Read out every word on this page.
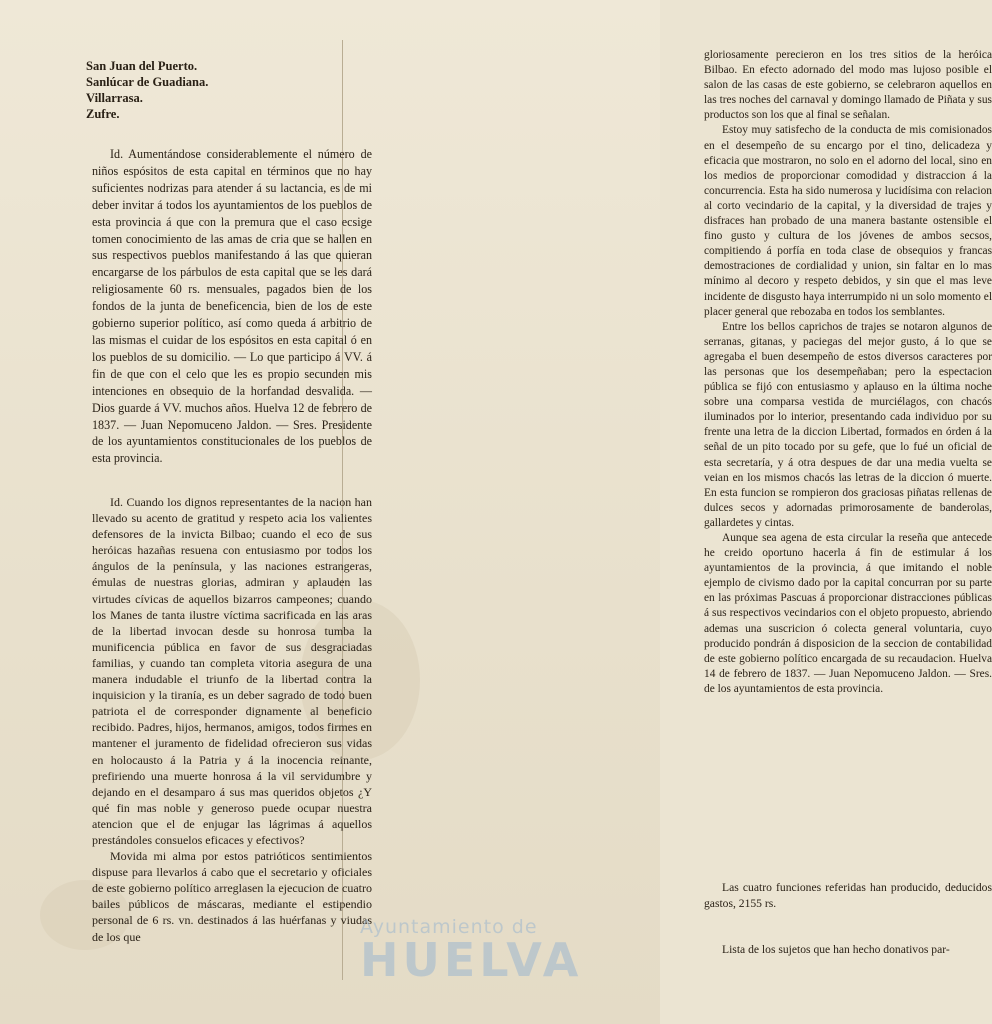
San Juan del Puerto.
Sanlúcar de Guadiana.
Villarrasa.
Zufre.

Id. Aumentándose considerablemente el número de niños espósitos de esta capital en términos que no hay suficientes nodrizas para atender á su lactancia, es de mi deber invitar á todos los ayuntamientos de los pueblos de esta provincia á que con la premura que el caso ecsige tomen conocimiento de las amas de cria que se hallen en sus respectivos pueblos manifestando á las que quieran encargarse de los párbulos de esta capital que se les dará religiosamente 60 rs. mensuales, pagados bien de los fondos de la junta de beneficencia, bien de los de este gobierno superior político, así como queda á arbitrio de las mismas el cuidar de los espósitos en esta capital ó en los pueblos de su domicilio. — Lo que participo á VV. á fin de que con el celo que les es propio secunden mis intenciones en obsequio de la horfandad desvalida. — Dios guarde á VV. muchos años. Huelva 12 de febrero de 1837. — Juan Nepomuceno Jaldon. — Sres. Presidente de los ayuntamientos constitucionales de los pueblos de esta provincia.

Id. Cuando los dignos representantes de la nacion han llevado su acento de gratitud y respeto acia los valientes defensores de la invicta Bilbao; cuando el eco de sus heróicas hazañas resuena con entusiasmo por todos los ángulos de la península, y las naciones estrangeras, émulas de nuestras glorias, admiran y aplauden las virtudes cívicas de aquellos bizarros campeones; cuando los Manes de tanta ilustre víctima sacrificada en las aras de la libertad invocan desde su honrosa tumba la munificencia pública en favor de sus desgraciadas familias, y cuando tan completa vitoria asegura de una manera indudable el triunfo de la libertad contra la inquisicion y la tiranía, es un deber sagrado de todo buen patriota el de corresponder dignamente al beneficio recibido. Padres, hijos, hermanos, amigos, todos firmes en mantener el juramento de fidelidad ofrecieron sus vidas en holocausto á la Patria y á la inocencia reinante, prefiriendo una muerte honrosa á la vil servidumbre y dejando en el desamparo á sus mas queridos objetos ¿Y qué fin mas noble y generoso puede ocupar nuestra atencion que el de enjugar las lágrimas á aquellos prestándoles consuelos eficaces y efectivos?

Movida mi alma por estos patrióticos sentimientos dispuse para llevarlos á cabo que el secretario y oficiales de este gobierno político arreglasen la ejecucion de cuatro bailes públicos de máscaras, mediante el estipendio personal de 6 rs. vn. destinados á las huérfanas y viudas de los que

gloriosamente perecieron en los tres sitios de la heróica Bilbao. En efecto adornado del modo mas lujoso posible el salon de las casas de este gobierno, se celebraron aquellos en las tres noches del carnaval y domingo llamado de Piñata y sus productos son los que al final se señalan.

Estoy muy satisfecho de la conducta de mis comisionados en el desempeño de su encargo por el tino, delicadeza y eficacia que mostraron, no solo en el adorno del local, sino en los medios de proporcionar comodidad y distraccion á la concurrencia. Esta ha sido numerosa y lucidísima con relacion al corto vecindario de la capital, y la diversidad de trajes y disfraces han probado de una manera bastante ostensible el fino gusto y cultura de los jóvenes de ambos secsos, compitiendo á porfía en toda clase de obsequios y francas demostraciones de cordialidad y union, sin faltar en lo mas mínimo al decoro y respeto debidos, y sin que el mas leve incidente de disgusto haya interrumpido ni un solo momento el placer general que rebozaba en todos los semblantes.

Entre los bellos caprichos de trajes se notaron algunos de serranas, gitanas, y paciegas del mejor gusto, á lo que se agregaba el buen desempeño de estos diversos caracteres por las personas que los desempeñaban; pero la espectacion pública se fijó con entusiasmo y aplauso en la última noche sobre una comparsa vestida de murciélagos, con chacós iluminados por lo interior, presentando cada individuo por su frente una letra de la diccion Libertad, formados en órden á la señal de un pito tocado por su gefe, que lo fué un oficial de esta secretaría, y á otra despues de dar una media vuelta se veian en los mismos chacós las letras de la diccion ó muerte. En esta funcion se rompieron dos graciosas piñatas rellenas de dulces secos y adornadas primorosamente de banderolas, gallardetes y cintas.

Aunque sea agena de esta circular la reseña que antecede he creido oportuno hacerla á fin de estimular á los ayuntamientos de la provincia, á que imitando el noble ejemplo de civismo dado por la capital concurran por su parte en las próximas Pascuas á proporcionar distracciones públicas á sus respectivos vecindarios con el objeto propuesto, abriendo ademas una suscricion ó colecta general voluntaria, cuyo producido pondrán á disposicion de la seccion de contabilidad de este gobierno político encargada de su recaudacion. Huelva 14 de febrero de 1837. — Juan Nepomuceno Jaldon. — Sres. de los ayuntamientos de esta provincia.

Las cuatro funciones referidas han producido, deducidos gastos, 2155 rs.

Lista de los sujetos que han hecho donativos par-

Ayuntamiento de
HUELVA
